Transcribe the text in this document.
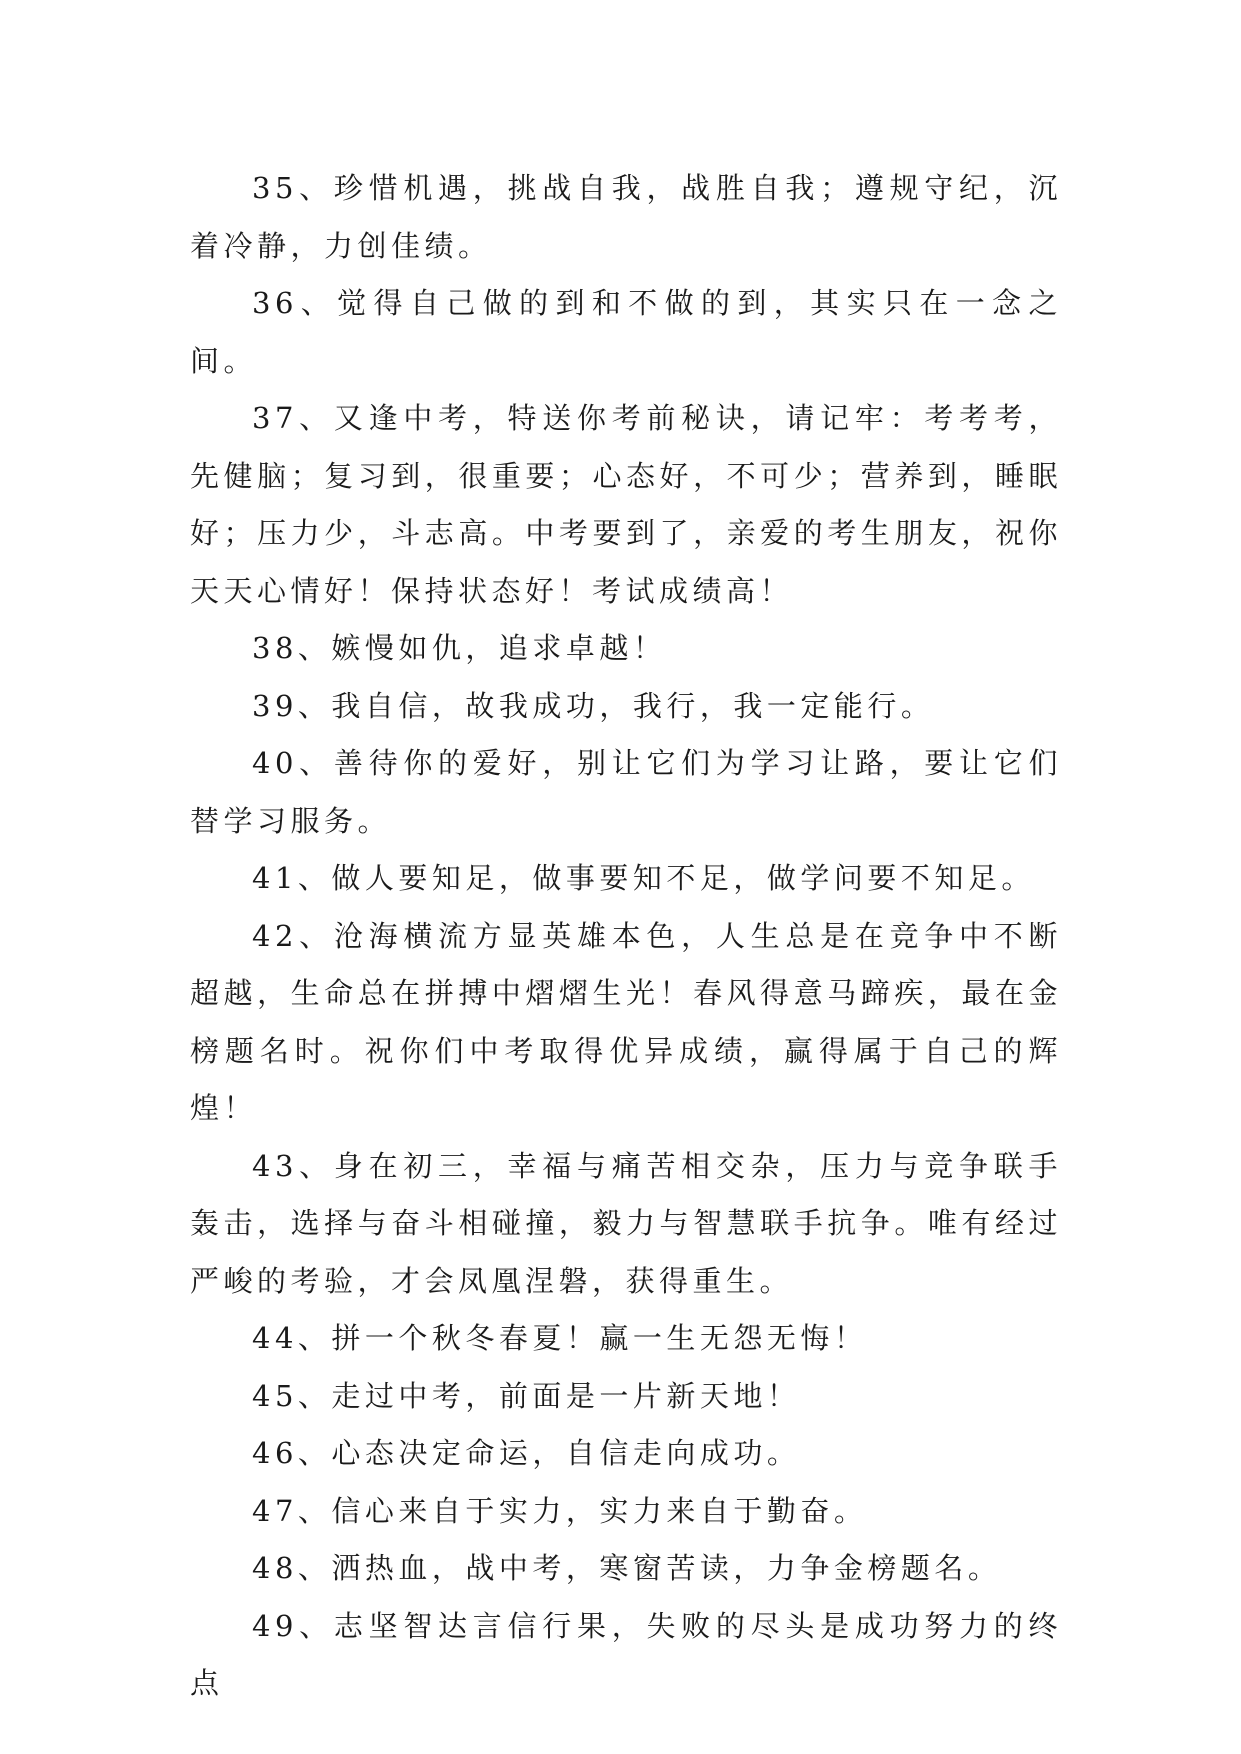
35、珍惜机遇，挑战自我，战胜自我；遵规守纪，沉着冷静，力创佳绩。

36、觉得自己做的到和不做的到，其实只在一念之间。

37、又逢中考，特送你考前秘诀，请记牢：考考考，先健脑；复习到，很重要；心态好，不可少；营养到，睡眠好；压力少，斗志高。中考要到了，亲爱的考生朋友，祝你天天心情好！保持状态好！考试成绩高！

38、嫉慢如仇，追求卓越！

39、我自信，故我成功，我行，我一定能行。

40、善待你的爱好，别让它们为学习让路，要让它们替学习服务。

41、做人要知足，做事要知不足，做学问要不知足。

42、沧海横流方显英雄本色，人生总是在竞争中不断超越，生命总在拼搏中熠熠生光！春风得意马蹄疾，最在金榜题名时。祝你们中考取得优异成绩，赢得属于自己的辉煌！

43、身在初三，幸福与痛苦相交杂，压力与竞争联手轰击，选择与奋斗相碰撞，毅力与智慧联手抗争。唯有经过严峻的考验，才会凤凰涅磐，获得重生。

44、拼一个秋冬春夏！赢一生无怨无悔！

45、走过中考，前面是一片新天地！

46、心态决定命运，自信走向成功。

47、信心来自于实力，实力来自于勤奋。

48、洒热血，战中考，寒窗苦读，力争金榜题名。

49、志坚智达言信行果，失败的尽头是成功努力的终点
